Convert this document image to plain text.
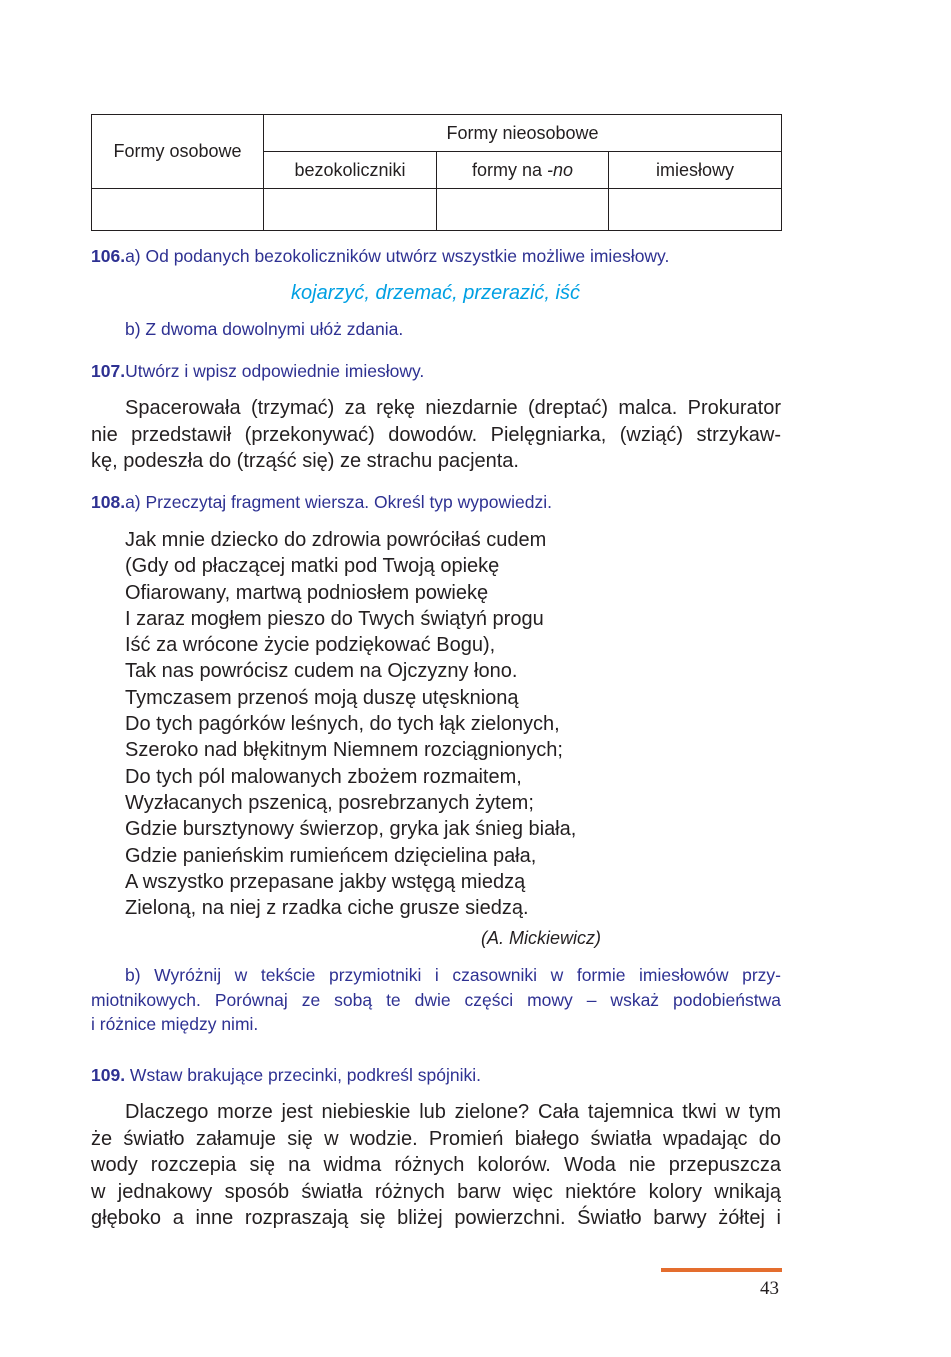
Formy osobowe	Formy nieosobowe		
	bezokoliczniki	formy na -no	imiesłowy

106.a) Od podanych bezokoliczników utwórz wszystkie możliwe imiesłowy.
kojarzyć, drzemać, przerazić, iść
b) Z dwoma dowolnymi ułóż zdania.
107.Utwórz i wpisz odpowiednie imiesłowy.
Spacerowała (trzymać) za rękę niezdarnie (dreptać) malca. Prokurator
nie przedstawił (przekonywać) dowodów. Pielęgniarka, (wziąć) strzykaw-
kę, podeszła do (trząść się) ze strachu pacjenta.
108.a) Przeczytaj fragment wiersza. Określ typ wypowiedzi.
Jak mnie dziecko do zdrowia powróciłaś cudem
(Gdy od płaczącej matki pod Twoją opiekę
Ofiarowany, martwą podniosłem powiekę
I zaraz mogłem pieszo do Twych świątyń progu
Iść za wrócone życie podziękować Bogu),
Tak nas powrócisz cudem na Ojczyzny łono.
Tymczasem przenoś moją duszę utęsknioną
Do tych pagórków leśnych, do tych łąk zielonych,
Szeroko nad błękitnym Niemnem rozciągnionych;
Do tych pól malowanych zbożem rozmaitem,
Wyzłacanych pszenicą, posrebrzanych żytem;
Gdzie bursztynowy świerzop, gryka jak śnieg biała,
Gdzie panieńskim rumieńcem dzięcielina pała,
A wszystko przepasane jakby wstęgą miedzą
Zieloną, na niej z rzadka ciche grusze siedzą.
(A. Mickiewicz)
b) Wyróżnij w tekście przymiotniki i czasowniki w formie imiesłowów przy-
miotnikowych. Porównaj ze sobą te dwie części mowy – wskaż podobieństwa
i różnice między nimi.
109. Wstaw brakujące przecinki, podkreśl spójniki.
Dlaczego morze jest niebieskie lub zielone? Cała tajemnica tkwi w tym
że światło załamuje się w wodzie. Promień białego światła wpadając do
wody rozczepia się na widma różnych kolorów. Woda nie przepuszcza
w jednakowy sposób światła różnych barw więc niektóre kolory wnikają
głęboko a inne rozpraszają się bliżej powierzchni. Światło barwy żółtej i
43
